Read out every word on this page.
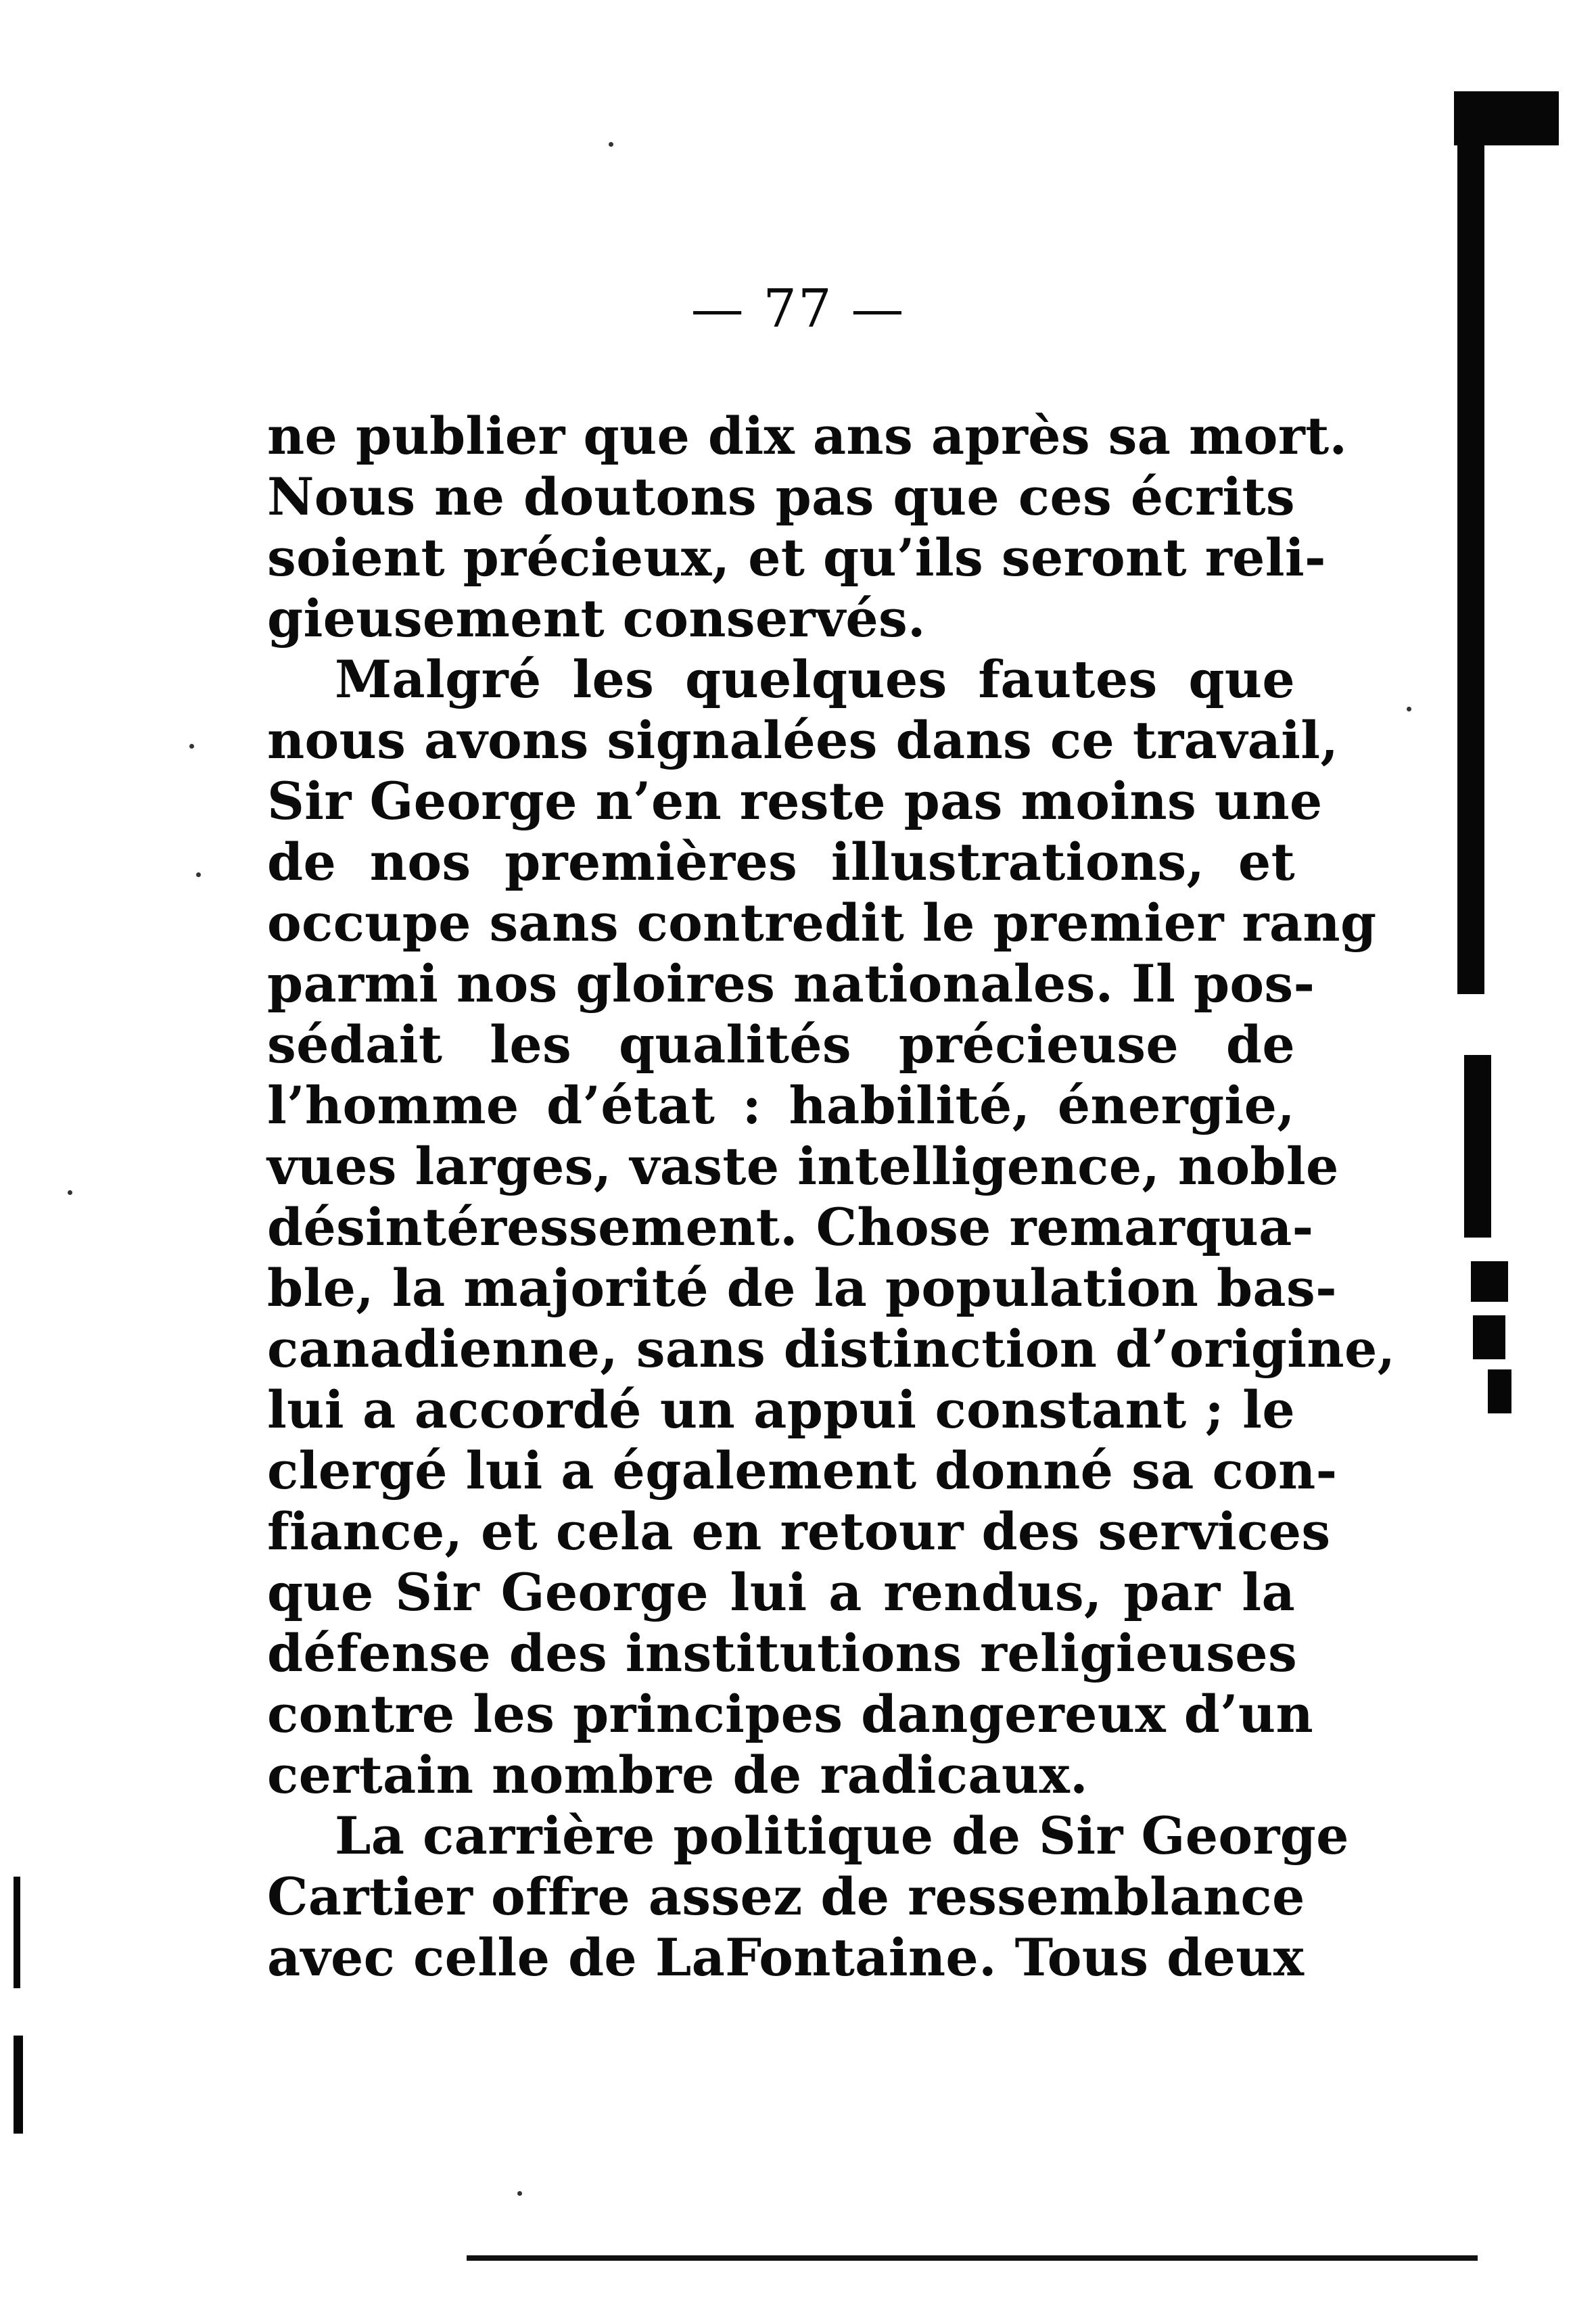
— 77 —
ne publier que dix ans après sa mort.
Nous ne doutons pas que ces écrits
soient précieux, et qu’ils seront reli-
gieusement conservés.
Malgré les quelques fautes que
nous avons signalées dans ce travail,
Sir George n’en reste pas moins une
de nos premières illustrations, et
occupe sans contredit le premier rang
parmi nos gloires nationales. Il pos-
sédait les qualités précieuse de
l’homme d’état : habilité, énergie,
vues larges, vaste intelligence, noble
désintéressement. Chose remarqua-
ble, la majorité de la population bas-
canadienne, sans distinction d’origine,
lui a accordé un appui constant ; le
clergé lui a également donné sa con-
fiance, et cela en retour des services
que Sir George lui a rendus, par la
défense des institutions religieuses
contre les principes dangereux d’un
certain nombre de radicaux.
La carrière politique de Sir George
Cartier offre assez de ressemblance
avec celle de LaFontaine. Tous deux
